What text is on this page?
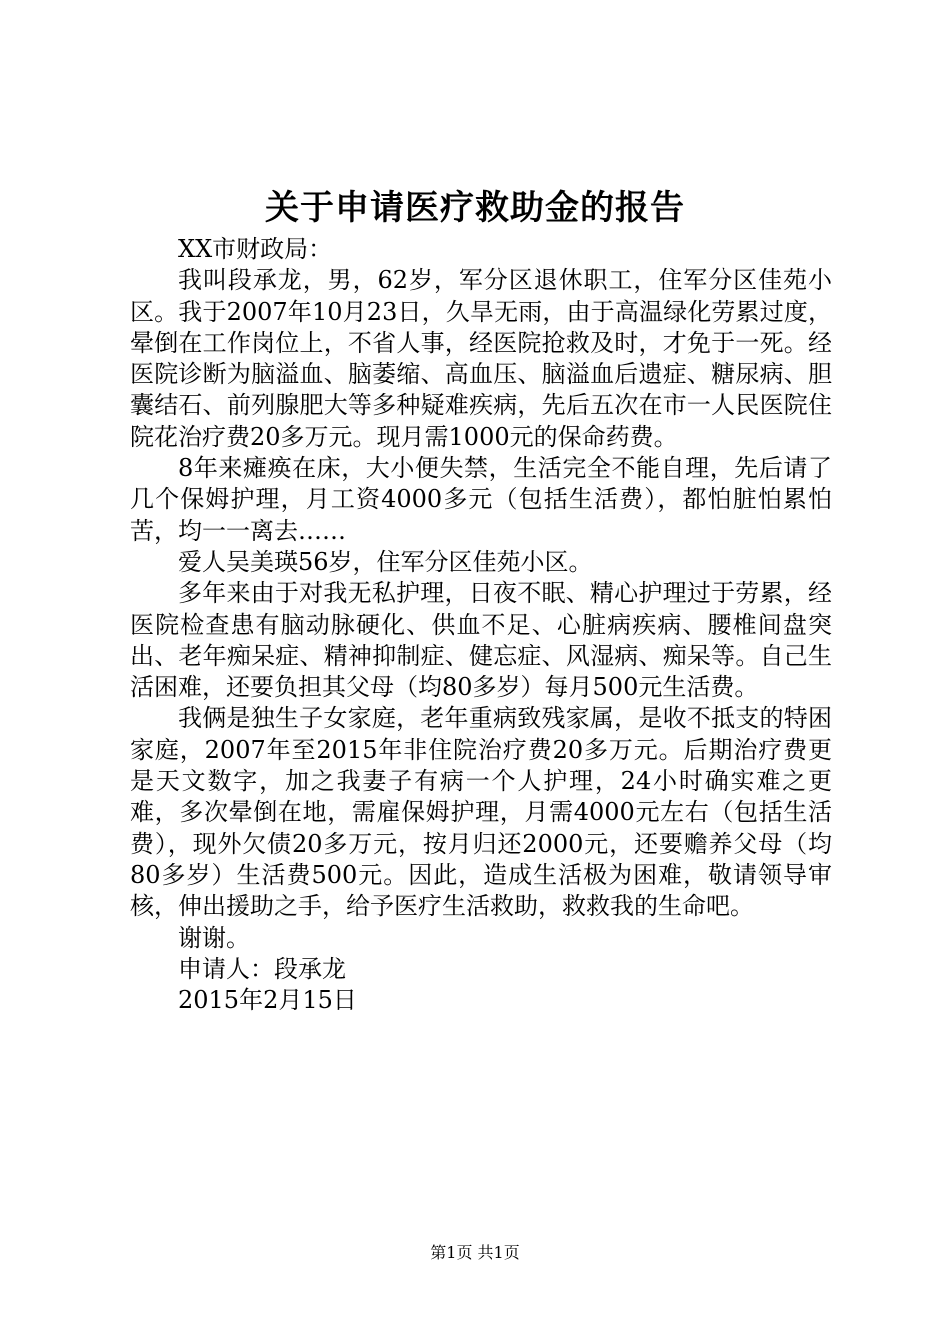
关于申请医疗救助金的报告

XX市财政局：

我叫段承龙，男，62岁，军分区退休职工，住军分区佳苑小区。我于2007年10月23日，久旱无雨，由于高温绿化劳累过度，晕倒在工作岗位上，不省人事，经医院抢救及时，才免于一死。经医院诊断为脑溢血、脑萎缩、高血压、脑溢血后遗症、糖尿病、胆囊结石、前列腺肥大等多种疑难疾病，先后五次在市一人民医院住院花治疗费20多万元。现月需1000元的保命药费。

8年来瘫痪在床，大小便失禁，生活完全不能自理，先后请了几个保姆护理，月工资4000多元（包括生活费），都怕脏怕累怕苦，均一一离去……

爱人吴美瑛56岁，住军分区佳苑小区。

多年来由于对我无私护理，日夜不眠、精心护理过于劳累，经医院检查患有脑动脉硬化、供血不足、心脏病疾病、腰椎间盘突出、老年痴呆症、精神抑制症、健忘症、风湿病、痴呆等。自己生活困难，还要负担其父母（均80多岁）每月500元生活费。

我俩是独生子女家庭，老年重病致残家属，是收不抵支的特困家庭，2007年至2015年非住院治疗费20多万元。后期治疗费更是天文数字，加之我妻子有病一个人护理，24小时确实难之更难，多次晕倒在地，需雇保姆护理，月需4000元左右（包括生活费），现外欠债20多万元，按月归还2000元，还要赡养父母（均80多岁）生活费500元。因此，造成生活极为困难，敬请领导审核，伸出援助之手，给予医疗生活救助，救救我的生命吧。

谢谢。

申请人：段承龙

2015年2月15日

第1页 共1页
